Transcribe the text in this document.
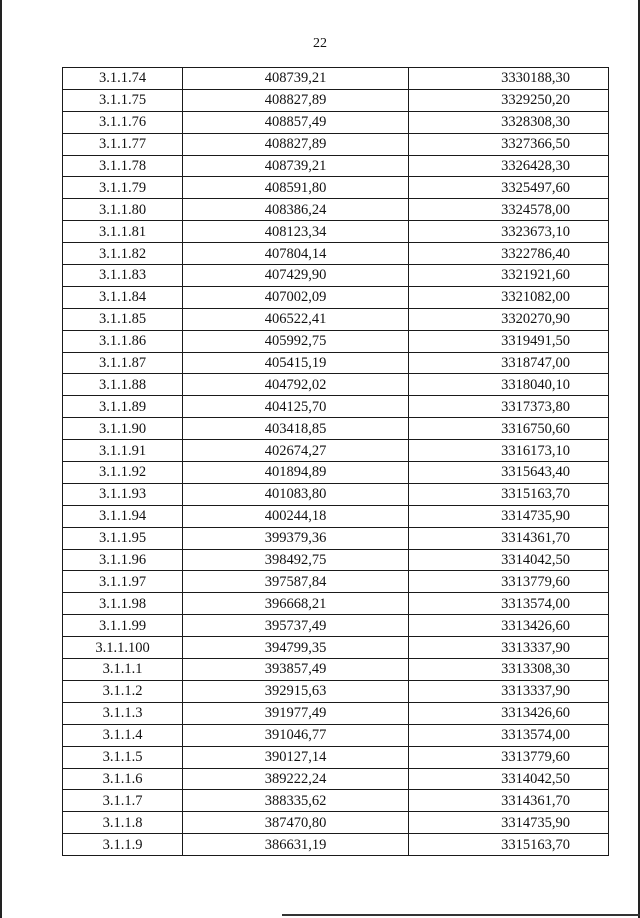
22
3.1.1.74	408739,21	3330188,30
3.1.1.75	408827,89	3329250,20
3.1.1.76	408857,49	3328308,30
3.1.1.77	408827,89	3327366,50
3.1.1.78	408739,21	3326428,30
3.1.1.79	408591,80	3325497,60
3.1.1.80	408386,24	3324578,00
3.1.1.81	408123,34	3323673,10
3.1.1.82	407804,14	3322786,40
3.1.1.83	407429,90	3321921,60
3.1.1.84	407002,09	3321082,00
3.1.1.85	406522,41	3320270,90
3.1.1.86	405992,75	3319491,50
3.1.1.87	405415,19	3318747,00
3.1.1.88	404792,02	3318040,10
3.1.1.89	404125,70	3317373,80
3.1.1.90	403418,85	3316750,60
3.1.1.91	402674,27	3316173,10
3.1.1.92	401894,89	3315643,40
3.1.1.93	401083,80	3315163,70
3.1.1.94	400244,18	3314735,90
3.1.1.95	399379,36	3314361,70
3.1.1.96	398492,75	3314042,50
3.1.1.97	397587,84	3313779,60
3.1.1.98	396668,21	3313574,00
3.1.1.99	395737,49	3313426,60
3.1.1.100	394799,35	3313337,90
3.1.1.1	393857,49	3313308,30
3.1.1.2	392915,63	3313337,90
3.1.1.3	391977,49	3313426,60
3.1.1.4	391046,77	3313574,00
3.1.1.5	390127,14	3313779,60
3.1.1.6	389222,24	3314042,50
3.1.1.7	388335,62	3314361,70
3.1.1.8	387470,80	3314735,90
3.1.1.9	386631,19	3315163,70
